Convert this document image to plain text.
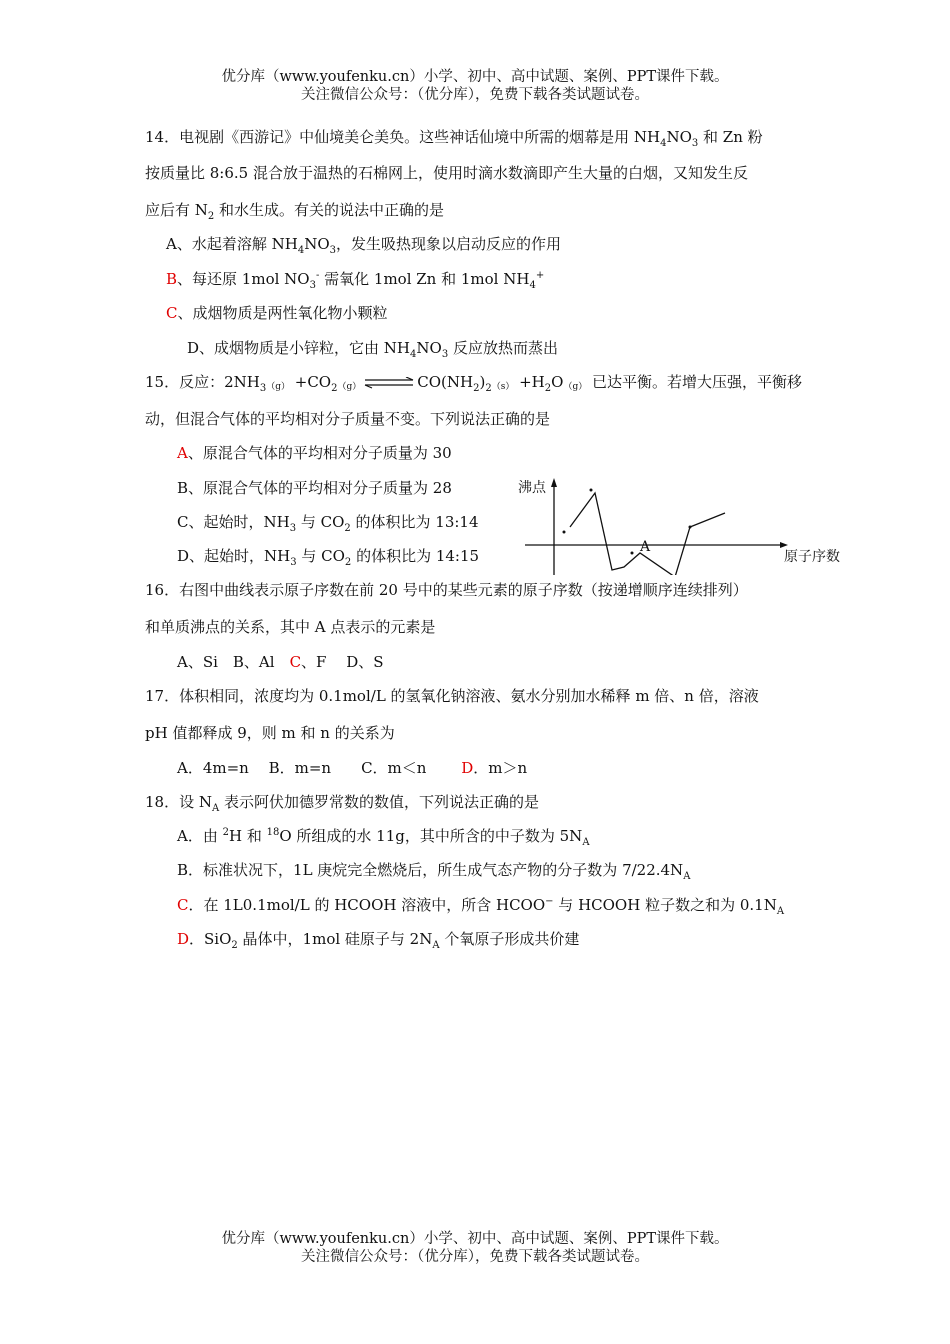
优分库（www.youfenku.cn）小学、初中、高中试题、案例、PPT课件下载。
关注微信公众号：（优分库），免费下载各类试题试卷。
14．电视剧《西游记》中仙境美仑美奂。这些神话仙境中所需的烟幕是用 $NH_4NO_3$ 和 Zn 粉
按质量比 8:6.5 混合放于温热的石棉网上，使用时滴水数滴即产生大量的白烟，又知发生反
应后有 $N_2$ 和水生成。有关的说法中正确的是
A、水起着溶解 $NH_4NO_3$，发生吸热现象以启动反应的作用
B、每还原 1mol $NO_3^-$ 需氧化 1mol Zn 和 1mol $NH_4^+$
C、成烟物质是两性氧化物小颗粒
D、成烟物质是小锌粒，它由 $NH_4NO_3$ 反应放热而蒸出
15．反应：$2NH_3(g) +CO_2(g)$ ⇌ $CO(NH_2)_2(s) +H_2O(g)$ 已达平衡。若增大压强，平衡移
动，但混合气体的平均相对分子质量不变。下列说法正确的是
A、原混合气体的平均相对分子质量为 30
B、原混合气体的平均相对分子质量为 28
C、起始时，$NH_3$ 与 $CO_2$ 的体积比为 13:14
D、起始时，$NH_3$ 与 $CO_2$ 的体积比为 14:15
沸点
原子序数
A
16．右图中曲线表示原子序数在前 20 号中的某些元素的原子序数（按递增顺序连续排列）
和单质沸点的关系，其中 A 点表示的元素是
A、Si　B、Al　C、F　 D、S
17．体积相同，浓度均为 0.1mol/L 的氢氧化钠溶液、氨水分别加水稀释 m 倍、n 倍，溶液
pH 值都释成 9，则 m 和 n 的关系为
A．4m=n　 B．m=n　　C．m＜n　　 D．m＞n
18．设 $N_A$ 表示阿伏加德罗常数的数值，下列说法正确的是
A．由 $^2$H 和 $^{18}$O 所组成的水 11g，其中所含的中子数为 $5N_A$
B．标准状况下，1L 庚烷完全燃烧后，所生成气态产物的分子数为 $7/22.4N_A$
C．在 1L0.1mol/L 的 HCOOH 溶液中，所含 HCOO− 与 HCOOH 粒子数之和为 $0.1N_A$
D．SiO$_2$ 晶体中，1mol 硅原子与 $2N_A$ 个氧原子形成共价建
优分库（www.youfenku.cn）小学、初中、高中试题、案例、PPT课件下载。
关注微信公众号：（优分库），免费下载各类试题试卷。
